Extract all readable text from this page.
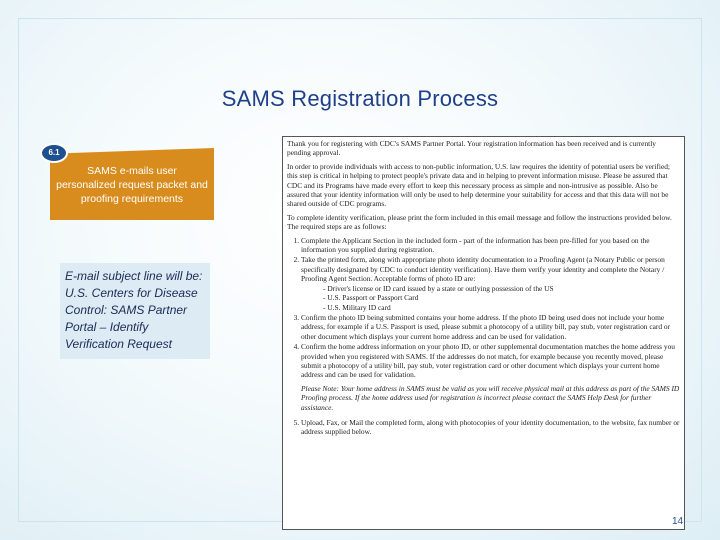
SAMS Registration Process
SAMS e-mails user personalized request packet and proofing requirements
6.1
E-mail subject line will be: U.S. Centers for Disease Control: SAMS Partner Portal – Identify Verification Request

Thank you for registering with CDC's SAMS Partner Portal. Your registration information has been received and is currently pending approval.

In order to provide individuals with access to non-public information, U.S. law requires the identity of potential users be verified; this step is critical in helping to protect people's private data and in helping to prevent information misuse. Please be assured that CDC and its Programs have made every effort to keep this necessary process as simple and non-intrusive as possible. Also be assured that your identity information will only be used to help determine your suitability for access and that this data will not be shared outside of CDC programs.

To complete identity verification, please print the form included in this email message and follow the instructions provided below. The required steps are as follows:

1. Complete the Applicant Section in the included form - part of the information has been pre-filled for you based on the information you supplied during registration.
2. Take the printed form, along with appropriate photo identity documentation to a Proofing Agent (a Notary Public or person specifically designated by CDC to conduct identity verification). Have them verify your identity and complete the Notary / Proofing Agent Section. Acceptable forms of photo ID are:
- Driver's license or ID card issued by a state or outlying possession of the US
- U.S. Passport or Passport Card
- U.S. Military ID card
3. Confirm the photo ID being submitted contains your home address. If the photo ID being used does not include your home address, for example if a U.S. Passport is used, please submit a photocopy of a utility bill, pay stub, voter registration card or other document which displays your current home address and can be used for validation.
4. Confirm the home address information on your photo ID, or other supplemental documentation matches the home address you provided when you registered with SAMS. If the addresses do not match, for example because you recently moved, please submit a photocopy of a utility bill, pay stub, voter registration card or other document which displays your current home address and can be used for validation.

Please Note: Your home address in SAMS must be valid as you will receive physical mail at this address as part of the SAMS ID Proofing process. If the home address used for registration is incorrect please contact the SAMS Help Desk for further assistance.

5. Upload, Fax, or Mail the completed form, along with photocopies of your identity documentation, to the website, fax number or address supplied below.
14
